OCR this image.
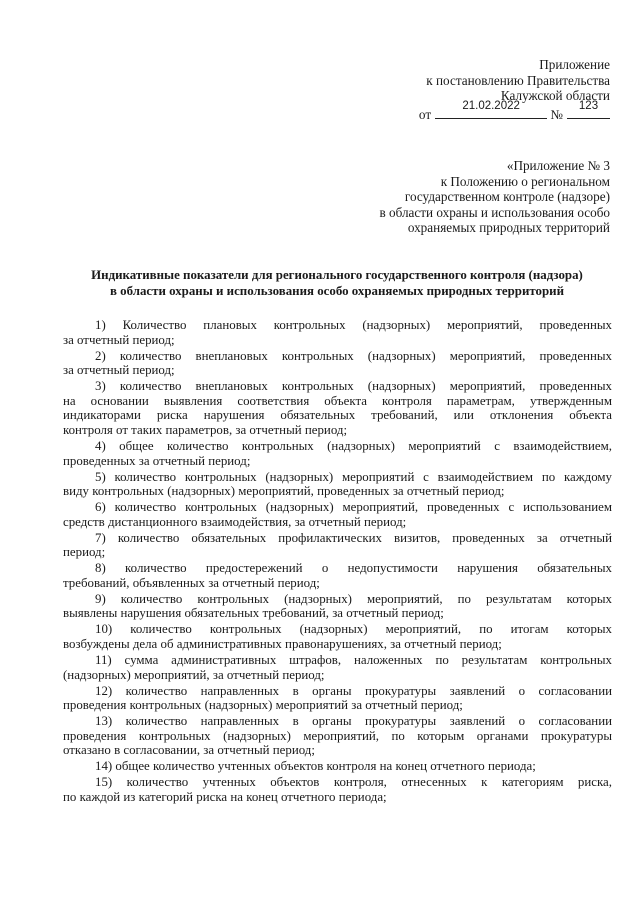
Приложение
к постановлению Правительства
Калужской области
от
21.02.2022
№
123
«Приложение № 3
к Положению о региональном
государственном контроле (надзоре)
в области охраны и использования особо
охраняемых природных территорий
Индикативные показатели для регионального государственного контроля (надзора)
в области охраны и использования особо охраняемых природных территорий
1) Количество плановых контрольных (надзорных) мероприятий, проведенных
за отчетный период;
2) количество внеплановых контрольных (надзорных) мероприятий, проведенных
за отчетный период;
3) количество внеплановых контрольных (надзорных) мероприятий, проведенных
на основании выявления соответствия объекта контроля параметрам, утвержденным
индикаторами риска нарушения обязательных требований, или отклонения объекта
контроля от таких параметров, за отчетный период;
4) общее количество контрольных (надзорных) мероприятий с взаимодействием,
проведенных за отчетный период;
5) количество контрольных (надзорных) мероприятий с взаимодействием по каждому
виду контрольных (надзорных) мероприятий, проведенных за отчетный период;
6) количество контрольных (надзорных) мероприятий, проведенных с использованием
средств дистанционного взаимодействия, за отчетный период;
7) количество обязательных профилактических визитов, проведенных за отчетный
период;
8) количество предостережений о недопустимости нарушения обязательных
требований, объявленных за отчетный период;
9) количество контрольных (надзорных) мероприятий, по результатам которых
выявлены нарушения обязательных требований, за отчетный период;
10) количество контрольных (надзорных) мероприятий, по итогам которых
возбуждены дела об административных правонарушениях, за отчетный период;
11) сумма административных штрафов, наложенных по результатам контрольных
(надзорных) мероприятий, за отчетный период;
12) количество направленных в органы прокуратуры заявлений о согласовании
проведения контрольных (надзорных) мероприятий за отчетный период;
13) количество направленных в органы прокуратуры заявлений о согласовании
проведения контрольных (надзорных) мероприятий, по которым органами прокуратуры
отказано в согласовании, за отчетный период;
14) общее количество учтенных объектов контроля на конец отчетного периода;
15) количество учтенных объектов контроля, отнесенных к категориям риска,
по каждой из категорий риска на конец отчетного периода;
